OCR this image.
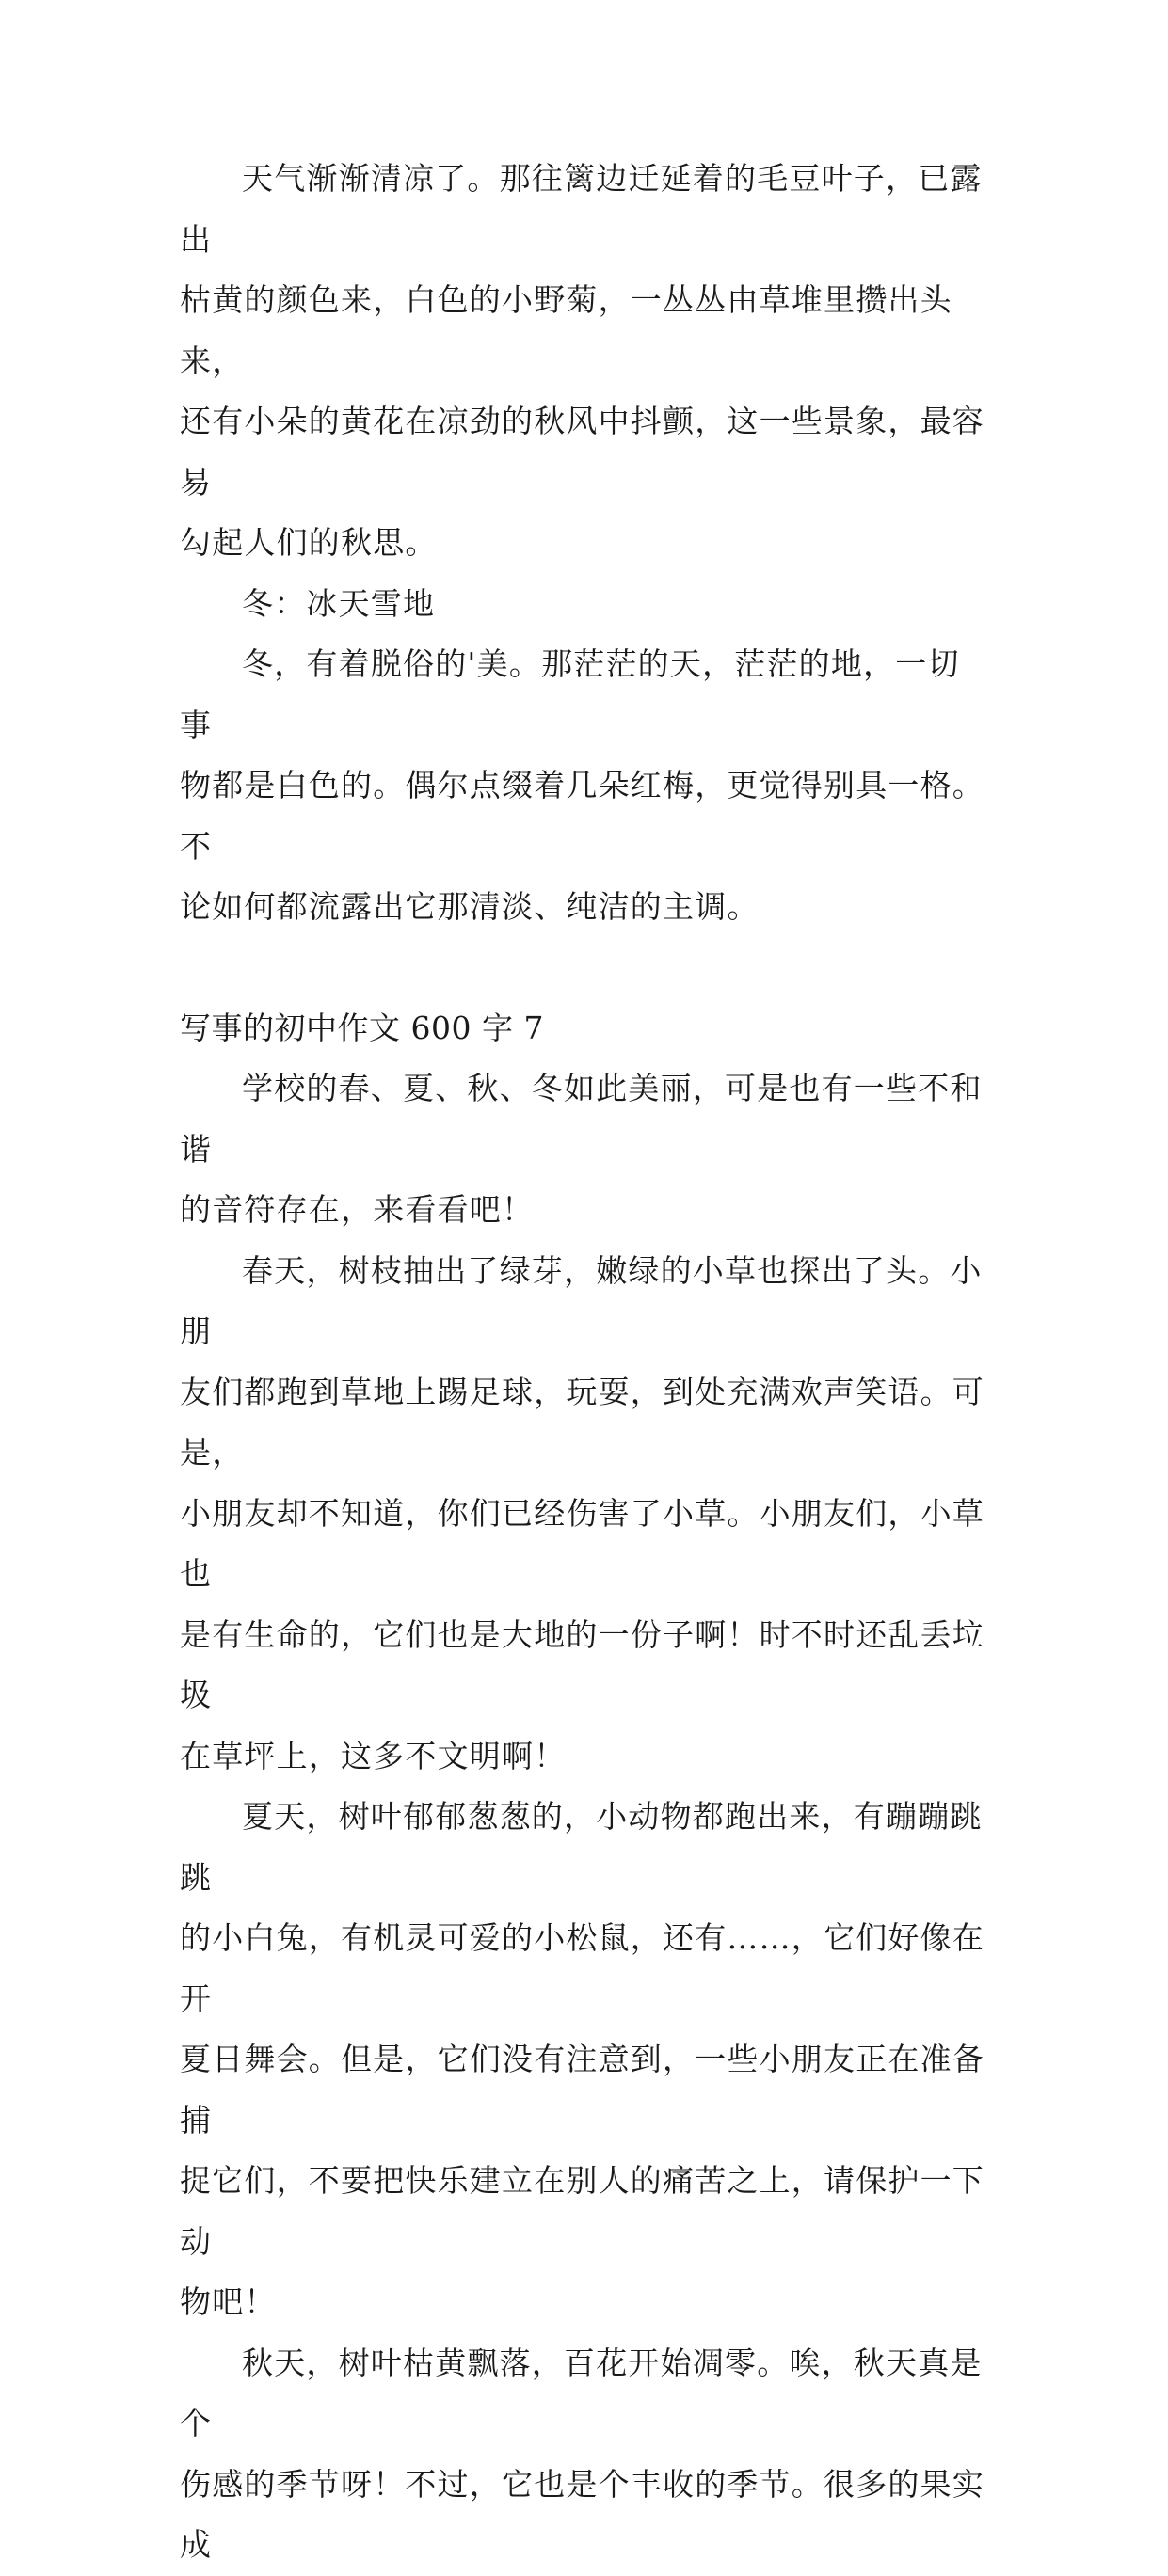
天气渐渐清凉了。那往篱边迁延着的毛豆叶子，已露出
枯黄的颜色来，白色的小野菊，一丛丛由草堆里攒出头来，
还有小朵的黄花在凉劲的秋风中抖颤，这一些景象，最容易
勾起人们的秋思。

冬：冰天雪地

冬，有着脱俗的'美。那茫茫的天，茫茫的地，一切事
物都是白色的。偶尔点缀着几朵红梅，更觉得别具一格。不
论如何都流露出它那清淡、纯洁的主调。

写事的初中作文 600 字 7

学校的春、夏、秋、冬如此美丽，可是也有一些不和谐
的音符存在，来看看吧！

春天，树枝抽出了绿芽，嫩绿的小草也探出了头。小朋
友们都跑到草地上踢足球，玩耍，到处充满欢声笑语。可是，
小朋友却不知道，你们已经伤害了小草。小朋友们，小草也
是有生命的，它们也是大地的一份子啊！时不时还乱丢垃圾
在草坪上，这多不文明啊！

夏天，树叶郁郁葱葱的，小动物都跑出来，有蹦蹦跳跳
的小白兔，有机灵可爱的小松鼠，还有……，它们好像在开
夏日舞会。但是，它们没有注意到，一些小朋友正在准备捕
捉它们，不要把快乐建立在别人的痛苦之上，请保护一下动
物吧！

秋天，树叶枯黄飘落，百花开始凋零。唉，秋天真是个
伤感的季节呀！不过，它也是个丰收的季节。很多的果实成
